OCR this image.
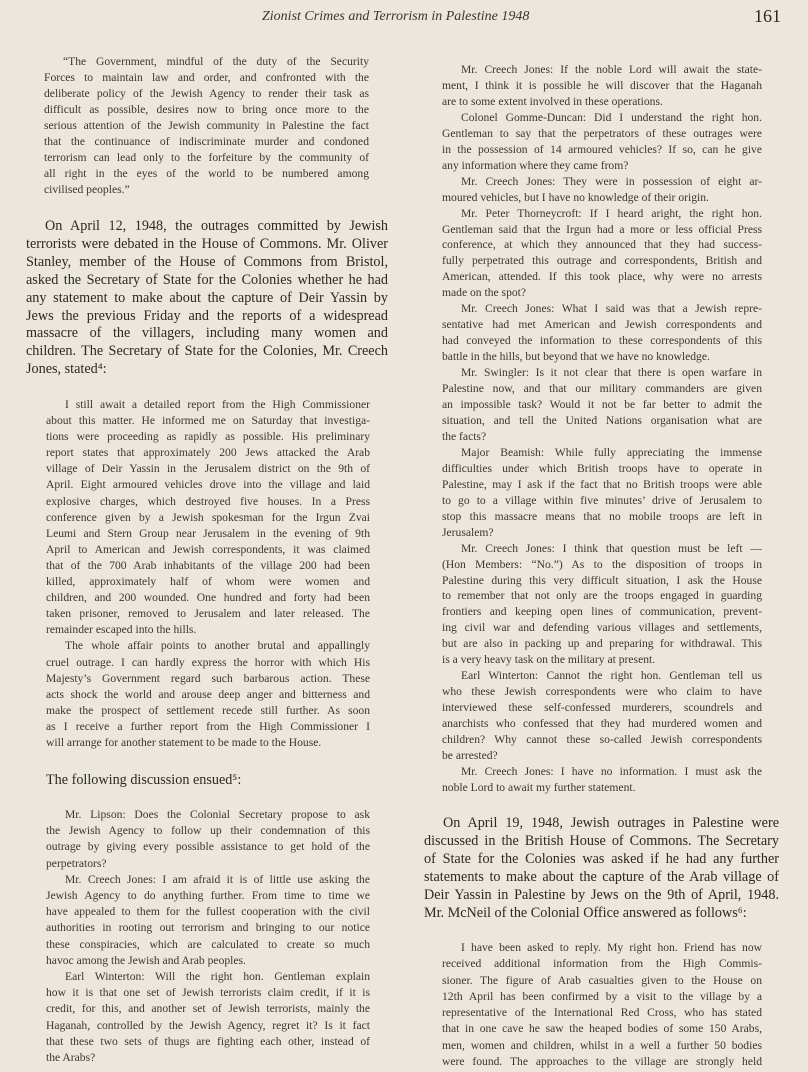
Zionist Crimes and Terrorism in Palestine 1948	161
“The Government, mindful of the duty of the Security
Forces to maintain law and order, and confronted with the
deliberate policy of the Jewish Agency to render their task as
difficult as possible, desires now to bring once more to the
serious attention of the Jewish community in Palestine the fact
that the continuance of indiscriminate murder and condoned
terrorism can lead only to the forfeiture by the community of
all right in the eyes of the world to be numbered among
civilised peoples.”
On April 12, 1948, the outrages committed by Jewish
terrorists were debated in the House of Commons. Mr. Oliver
Stanley, member of the House of Commons from Bristol,
asked the Secretary of State for the Colonies whether he had
any statement to make about the capture of Deir Yassin by
Jews the previous Friday and the reports of a widespread
massacre of the villagers, including many women and
children. The Secretary of State for the Colonies, Mr. Creech
Jones, stated⁴:
I still await a detailed report from the High Commissioner
about this matter. He informed me on Saturday that investiga-
tions were proceeding as rapidly as possible. His preliminary
report states that approximately 200 Jews attacked the Arab
village of Deir Yassin in the Jerusalem district on the 9th of
April. Eight armoured vehicles drove into the village and laid
explosive charges, which destroyed five houses. In a Press
conference given by a Jewish spokesman for the Irgun Zvai
Leumi and Stern Group near Jerusalem in the evening of 9th
April to American and Jewish correspondents, it was claimed
that of the 700 Arab inhabitants of the village 200 had been
killed, approximately half of whom were women and
children, and 200 wounded. One hundred and forty had been
taken prisoner, removed to Jerusalem and later released. The
remainder escaped into the hills.
The whole affair points to another brutal and appallingly
cruel outrage. I can hardly express the horror with which His
Majesty’s Government regard such barbarous action. These
acts shock the world and arouse deep anger and bitterness and
make the prospect of settlement recede still further. As soon
as I receive a further report from the High Commissioner I
will arrange for another statement to be made to the House.
The following discussion ensued⁵:
Mr. Lipson: Does the Colonial Secretary propose to ask
the Jewish Agency to follow up their condemnation of this
outrage by giving every possible assistance to get hold of the
perpetrators?
Mr. Creech Jones: I am afraid it is of little use asking the
Jewish Agency to do anything further. From time to time we
have appealed to them for the fullest cooperation with the civil
authorities in rooting out terrorism and bringing to our notice
these conspiracies, which are calculated to create so much
havoc among the Jewish and Arab peoples.
Earl Winterton: Will the right hon. Gentleman explain
how it is that one set of Jewish terrorists claim credit, if it is
credit, for this, and another set of Jewish terrorists, mainly the
Haganah, controlled by the Jewish Agency, regret it? Is it fact
that these two sets of thugs are fighting each other, instead of
the Arabs?
Mr. Creech Jones: If the noble Lord will await the state-
ment, I think it is possible he will discover that the Haganah
are to some extent involved in these operations.
Colonel Gomme-Duncan: Did I understand the right hon.
Gentleman to say that the perpetrators of these outrages were
in the possession of 14 armoured vehicles? If so, can he give
any information where they came from?
Mr. Creech Jones: They were in possession of eight ar-
moured vehicles, but I have no knowledge of their origin.
Mr. Peter Thorneycroft: If I heard aright, the right hon.
Gentleman said that the Irgun had a more or less official Press
conference, at which they announced that they had success-
fully perpetrated this outrage and correspondents, British and
American, attended. If this took place, why were no arrests
made on the spot?
Mr. Creech Jones: What I said was that a Jewish repre-
sentative had met American and Jewish correspondents and
had conveyed the information to these correspondents of this
battle in the hills, but beyond that we have no knowledge.
Mr. Swingler: Is it not clear that there is open warfare in
Palestine now, and that our military commanders are given
an impossible task? Would it not be far better to admit the
situation, and tell the United Nations organisation what are
the facts?
Major Beamish: While fully appreciating the immense
difficulties under which British troops have to operate in
Palestine, may I ask if the fact that no British troops were able
to go to a village within five minutes’ drive of Jerusalem to
stop this massacre means that no mobile troops are left in
Jerusalem?
Mr. Creech Jones: I think that question must be left —
(Hon Members: “No.”) As to the disposition of troops in
Palestine during this very difficult situation, I ask the House
to remember that not only are the troops engaged in guarding
frontiers and keeping open lines of communication, prevent-
ing civil war and defending various villages and settlements,
but are also in packing up and preparing for withdrawal. This
is a very heavy task on the military at present.
Earl Winterton: Cannot the right hon. Gentleman tell us
who these Jewish correspondents were who claim to have
interviewed these self-confessed murderers, scoundrels and
anarchists who confessed that they had murdered women and
children? Why cannot these so-called Jewish correspondents
be arrested?
Mr. Creech Jones: I have no information. I must ask the
noble Lord to await my further statement.
On April 19, 1948, Jewish outrages in Palestine were
discussed in the British House of Commons. The Secretary
of State for the Colonies was asked if he had any further
statements to make about the capture of the Arab village of
Deir Yassin in Palestine by Jews on the 9th of April, 1948.
Mr. McNeil of the Colonial Office answered as follows⁶:
I have been asked to reply. My right hon. Friend has now
received additional information from the High Commis-
sioner. The figure of Arab casualties given to the House on
12th April has been confirmed by a visit to the village by a
representative of the International Red Cross, who has stated
that in one cave he saw the heaped bodies of some 150 Arabs,
men, women and children, whilst in a well a further 50 bodies
were found. The approaches to the village are strongly held
